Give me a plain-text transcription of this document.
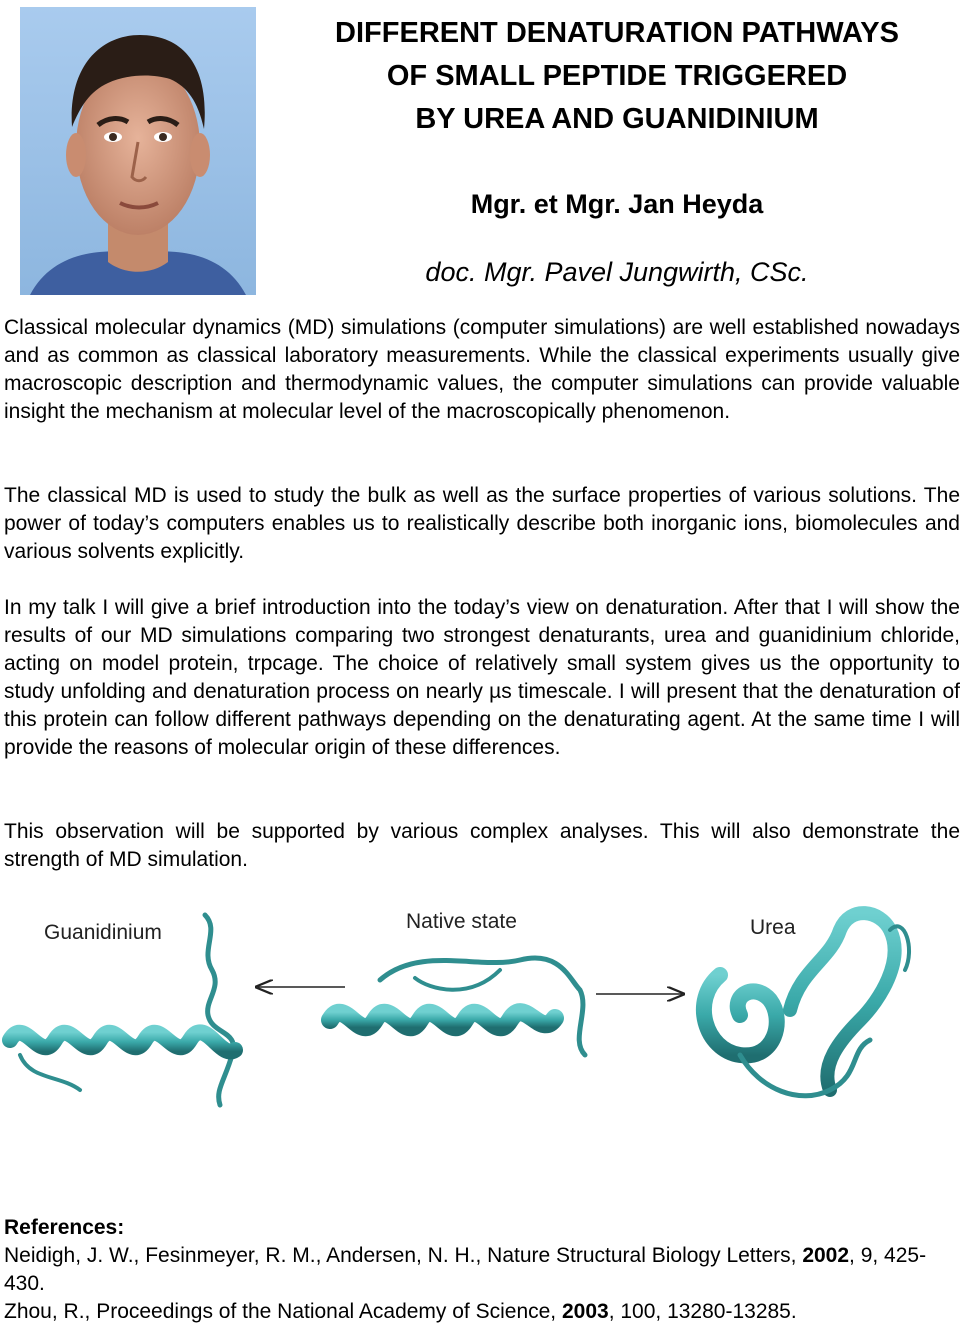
DIFFERENT DENATURATION PATHWAYS
OF SMALL PEPTIDE TRIGGERED
BY UREA AND GUANIDINIUM
Mgr. et Mgr. Jan Heyda
doc. Mgr. Pavel Jungwirth, CSc.
Classical molecular dynamics (MD) simulations (computer simulations) are well established nowadays and as common as classical laboratory measurements. While the classical experiments usually give macroscopic description and thermodynamic values, the computer simulations can provide valuable insight the mechanism at molecular level of the macroscopically phenomenon.
The classical MD is used to study the bulk as well as the surface properties of various solutions. The power of today’s computers enables us to realistically describe both inorganic ions, biomolecules and various solvents explicitly.
In my talk I will give a brief introduction into the today’s view on denaturation. After that I will show the results of our MD simulations comparing two strongest denaturants, urea and guanidinium chloride, acting on model protein, trpcage. The choice of relatively small system gives us the opportunity to study unfolding and denaturation process on nearly µs timescale. I will present that the denaturation of this protein can follow different pathways depending on the denaturating agent. At the same time I will provide the reasons of molecular origin of these differences.
This observation will be supported by various complex analyses. This will also demonstrate the strength of MD simulation.
Guanidinium	Native state	Urea
References:
Neidigh, J. W., Fesinmeyer, R. M., Andersen, N. H., Nature Structural Biology Letters, 2002, 9, 425-430.
Zhou, R., Proceedings of the National Academy of Science, 2003, 100, 13280-13285.
